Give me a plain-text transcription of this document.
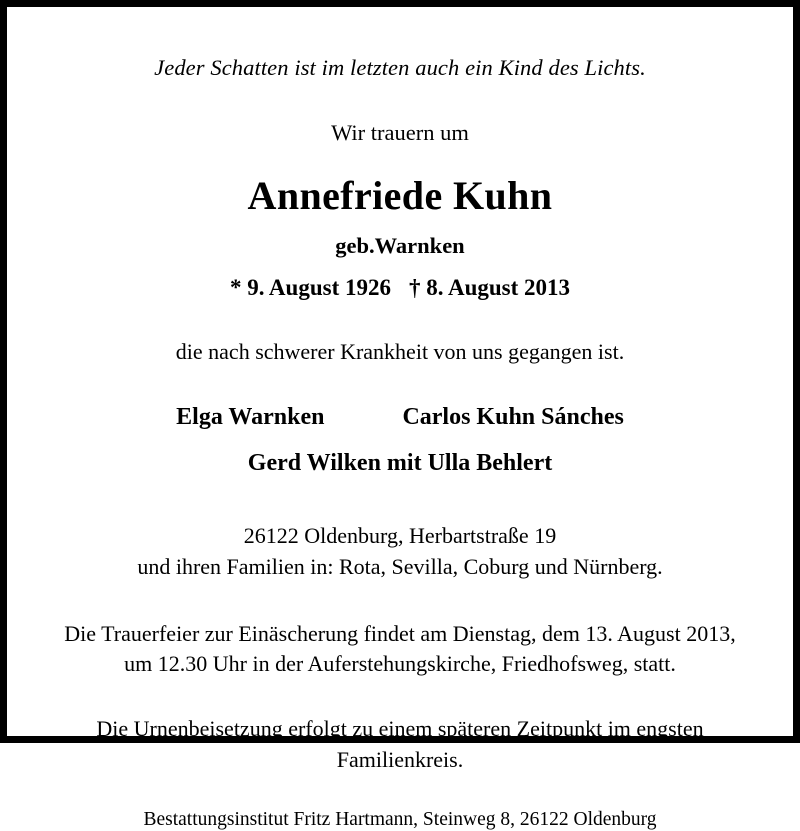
Jeder Schatten ist im letzten auch ein Kind des Lichts.
Wir trauern um
Annefriede Kuhn
geb.Warnken
* 9. August 1926 † 8. August 2013
die nach schwerer Krankheit von uns gegangen ist.
Elga Warnken	Carlos Kuhn Sánches
Gerd Wilken mit Ulla Behlert
26122 Oldenburg, Herbartstraße 19
und ihren Familien in: Rota, Sevilla, Coburg und Nürnberg.
Die Trauerfeier zur Einäscherung findet am Dienstag, dem 13. August 2013,
um 12.30 Uhr in der Auferstehungskirche, Friedhofsweg, statt.
Die Urnenbeisetzung erfolgt zu einem späteren Zeitpunkt im engsten
Familienkreis.
Bestattungsinstitut Fritz Hartmann, Steinweg 8, 26122 Oldenburg
